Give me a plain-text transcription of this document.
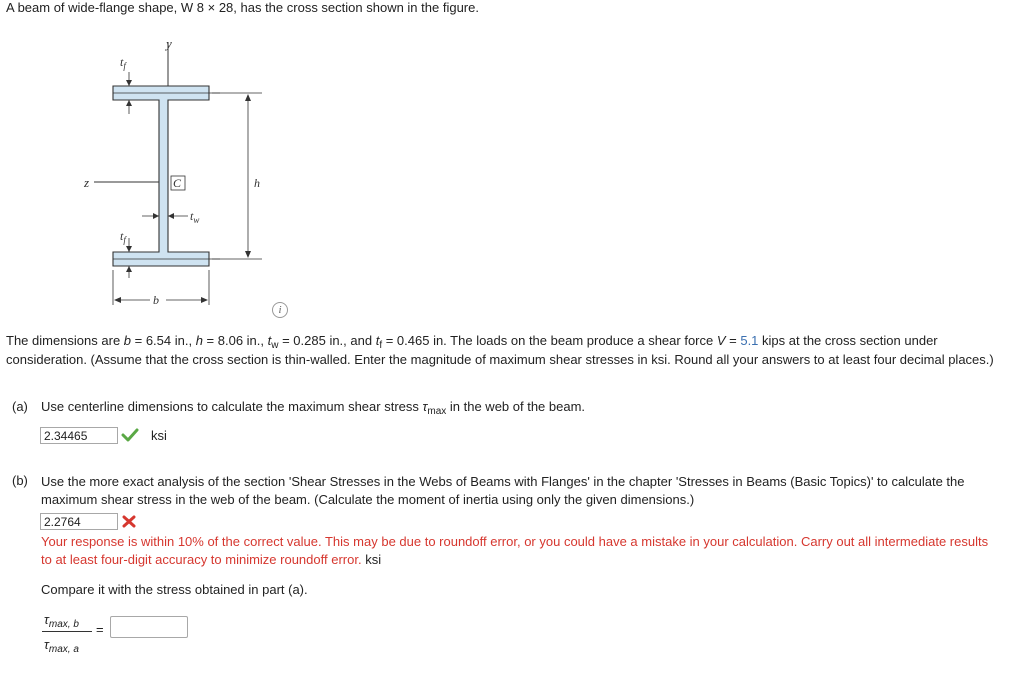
A beam of wide-flange shape, W 8 × 28, has the cross section shown in the figure.
y
z	C	h
$t_f$
$t_f$
$t_w$
b
i
The dimensions are b = 6.54 in., h = 8.06 in., $t_w = 0.285$ in., and $t_f = 0.465$ in. The loads on the beam produce a shear force V = 5.1 kips at the cross section under consideration. (Assume that the cross section is thin-walled. Enter the magnitude of maximum shear stresses in ksi. Round all your answers to at least four decimal places.)
(a) Use centerline dimensions to calculate the maximum shear stress $\tau_{max}$ in the web of the beam.
2.34465	ksi
(b) Use the more exact analysis of the section 'Shear Stresses in the Webs of Beams with Flanges' in the chapter 'Stresses in Beams (Basic Topics)' to calculate the maximum shear stress in the web of the beam. (Calculate the moment of inertia using only the given dimensions.)
2.2764
Your response is within 10% of the correct value. This may be due to roundoff error, or you could have a mistake in your calculation. Carry out all intermediate results to at least four-digit accuracy to minimize roundoff error. ksi
Compare it with the stress obtained in part (a).
$\tau_{max, b}$
$\tau_{max, a}$
=
